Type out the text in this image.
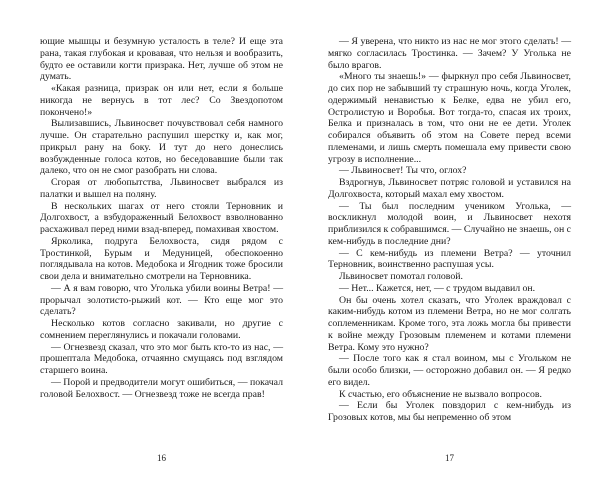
ющие мышцы и безумную усталость в теле? И еще эта рана, такая глубокая и кровавая, что нельзя и вообразить, будто ее оставили когти призрака. Нет, лучше об этом не думать.

«Какая разница, призрак он или нет, если я больше никогда не вернусь в тот лес? Со Звездопотом покончено!»

Вылизавшись, Львиносвет почувствовал себя намного лучше. Он старательно распушил шерстку и, как мог, прикрыл рану на боку. И тут до него донеслись возбужденные голоса котов, но беседовавшие были так далеко, что он не смог разобрать ни слова.

Сгорая от любопытства, Львиносвет выбрался из палатки и вышел на поляну.

В нескольких шагах от него стояли Терновник и Долгохвост, а взбудораженный Белохвост взволнованно расхаживал перед ними взад-вперед, помахивая хвостом.

Ярколика, подруга Белохвоста, сидя рядом с Тростинкой, Бурым и Медуницей, обеспокоенно поглядывала на котов. Медобока и Ягодник тоже бросили свои дела и внимательно смотрели на Терновника.

— А я вам говорю, что Уголька убили воины Ветра! — прорычал золотисто-рыжий кот. — Кто еще мог это сделать?

Несколько котов согласно закивали, но другие с сомнением переглянулись и покачали головами.

— Огнезвезд сказал, что это мог быть кто-то из нас, — прошептала Медобока, отчаянно смущаясь под взглядом старшего воина.

— Порой и предводители могут ошибиться, — покачал головой Белохвост. — Огнезвезд тоже не всегда прав!

16

— Я уверена, что никто из нас не мог этого сделать! — мягко согласилась Тростинка. — Зачем? У Уголька не было врагов.

«Много ты знаешь!» — фыркнул про себя Львиносвет, до сих пор не забывший ту страшную ночь, когда Уголек, одержимый ненавистью к Белке, едва не убил его, Остролистую и Воробья. Вот тогда-то, спасая их троих, Белка и призналась в том, что они не ее дети. Уголек собирался объявить об этом на Совете перед всеми племенами, и лишь смерть помешала ему привести свою угрозу в исполнение...

— Львиносвет! Ты что, оглох?

Вздрогнув, Львиносвет потряс головой и уставился на Долгохвоста, который махал ему хвостом.

— Ты был последним учеником Уголька, — воскликнул молодой воин, и Львиносвет нехотя приблизился к собравшимся. — Случайно не знаешь, он с кем-нибудь в последние дни?

— С кем-нибудь из племени Ветра? — уточнил Терновник, воинственно распушая усы.

Львиносвет помотал головой.

— Нет... Кажется, нет, — с трудом выдавил он.

Он бы очень хотел сказать, что Уголек враждовал с каким-нибудь котом из племени Ветра, но не мог солгать соплеменникам. Кроме того, эта ложь могла бы привести к войне между Грозовым племенем и котами племени Ветра. Кому это нужно?

— После того как я стал воином, мы с Угольком не были особо близки, — осторожно добавил он. — Я редко его видел.

К счастью, его объяснение не вызвало вопросов.

— Если бы Уголек повздорил с кем-нибудь из Грозовых котов, мы бы непременно об этом

17
